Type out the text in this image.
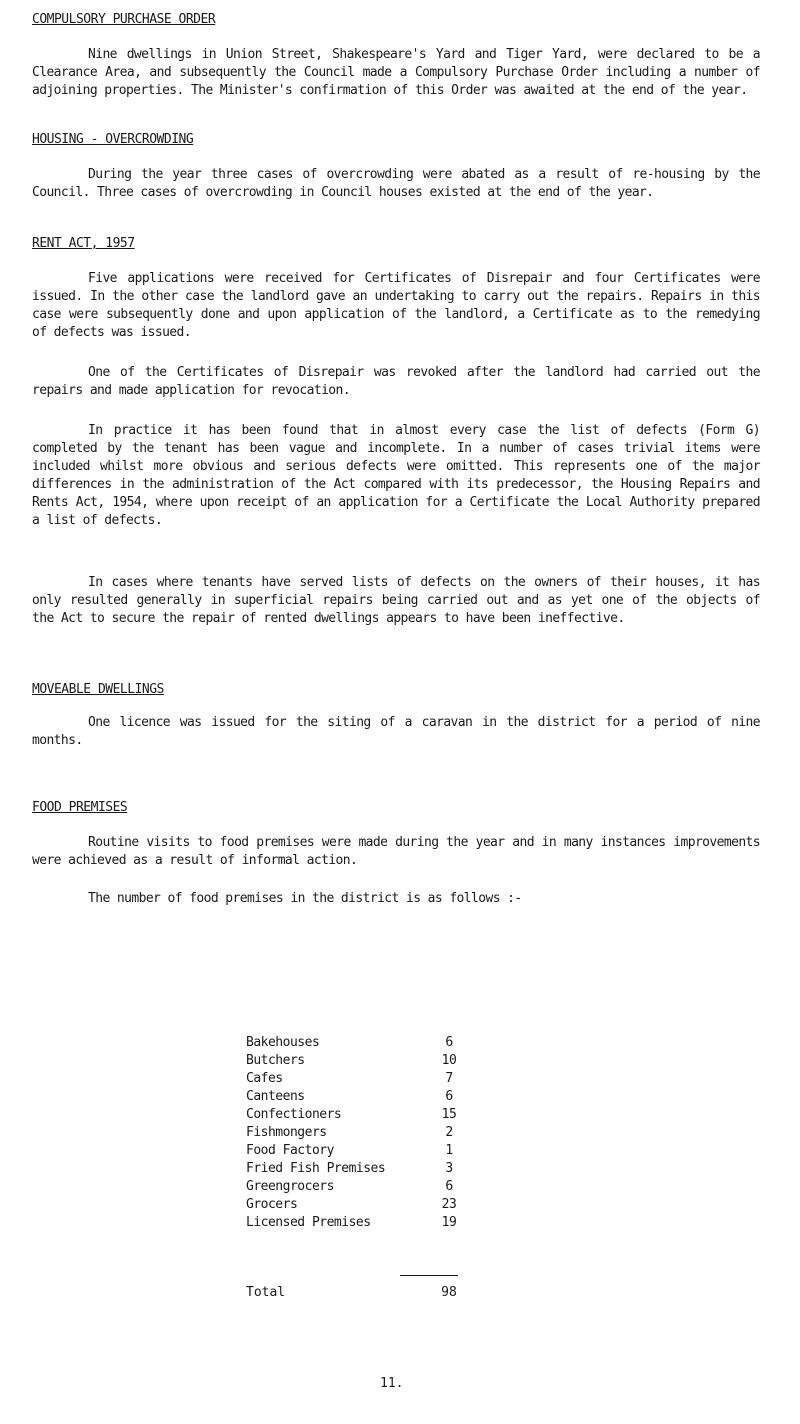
COMPULSORY PURCHASE ORDER

Nine dwellings in Union Street, Shakespeare's Yard and Tiger Yard, were declared to be a Clearance Area, and subsequently the Council made a Compulsory Purchase Order including a number of adjoining properties. The Minister's confirmation of this Order was awaited at the end of the year.

HOUSING - OVERCROWDING

During the year three cases of overcrowding were abated as a result of re-housing by the Council. Three cases of overcrowding in Council houses existed at the end of the year.

RENT ACT, 1957

Five applications were received for Certificates of Disrepair and four Certificates were issued. In the other case the landlord gave an undertaking to carry out the repairs. Repairs in this case were subsequently done and upon application of the landlord, a Certificate as to the remedying of defects was issued.

One of the Certificates of Disrepair was revoked after the landlord had carried out the repairs and made application for revocation.

In practice it has been found that in almost every case the list of defects (Form G) completed by the tenant has been vague and incomplete. In a number of cases trivial items were included whilst more obvious and serious defects were omitted. This represents one of the major differences in the administration of the Act compared with its predecessor, the Housing Repairs and Rents Act, 1954, where upon receipt of an application for a Certificate the Local Authority prepared a list of defects.

In cases where tenants have served lists of defects on the owners of their houses, it has only resulted generally in superficial repairs being carried out and as yet one of the objects of the Act to secure the repair of rented dwellings appears to have been ineffective.

MOVEABLE DWELLINGS

One licence was issued for the siting of a caravan in the district for a period of nine months.

FOOD PREMISES

Routine visits to food premises were made during the year and in many instances improvements were achieved as a result of informal action.

The number of food premises in the district is as follows :-

Bakehouses	6
Butchers	10
Cafes	7
Canteens	6
Confectioners	15
Fishmongers	2
Food Factory	1
Fried Fish Premises	3
Greengrocers	6
Grocers	23
Licensed Premises	19
Total	98
11.
